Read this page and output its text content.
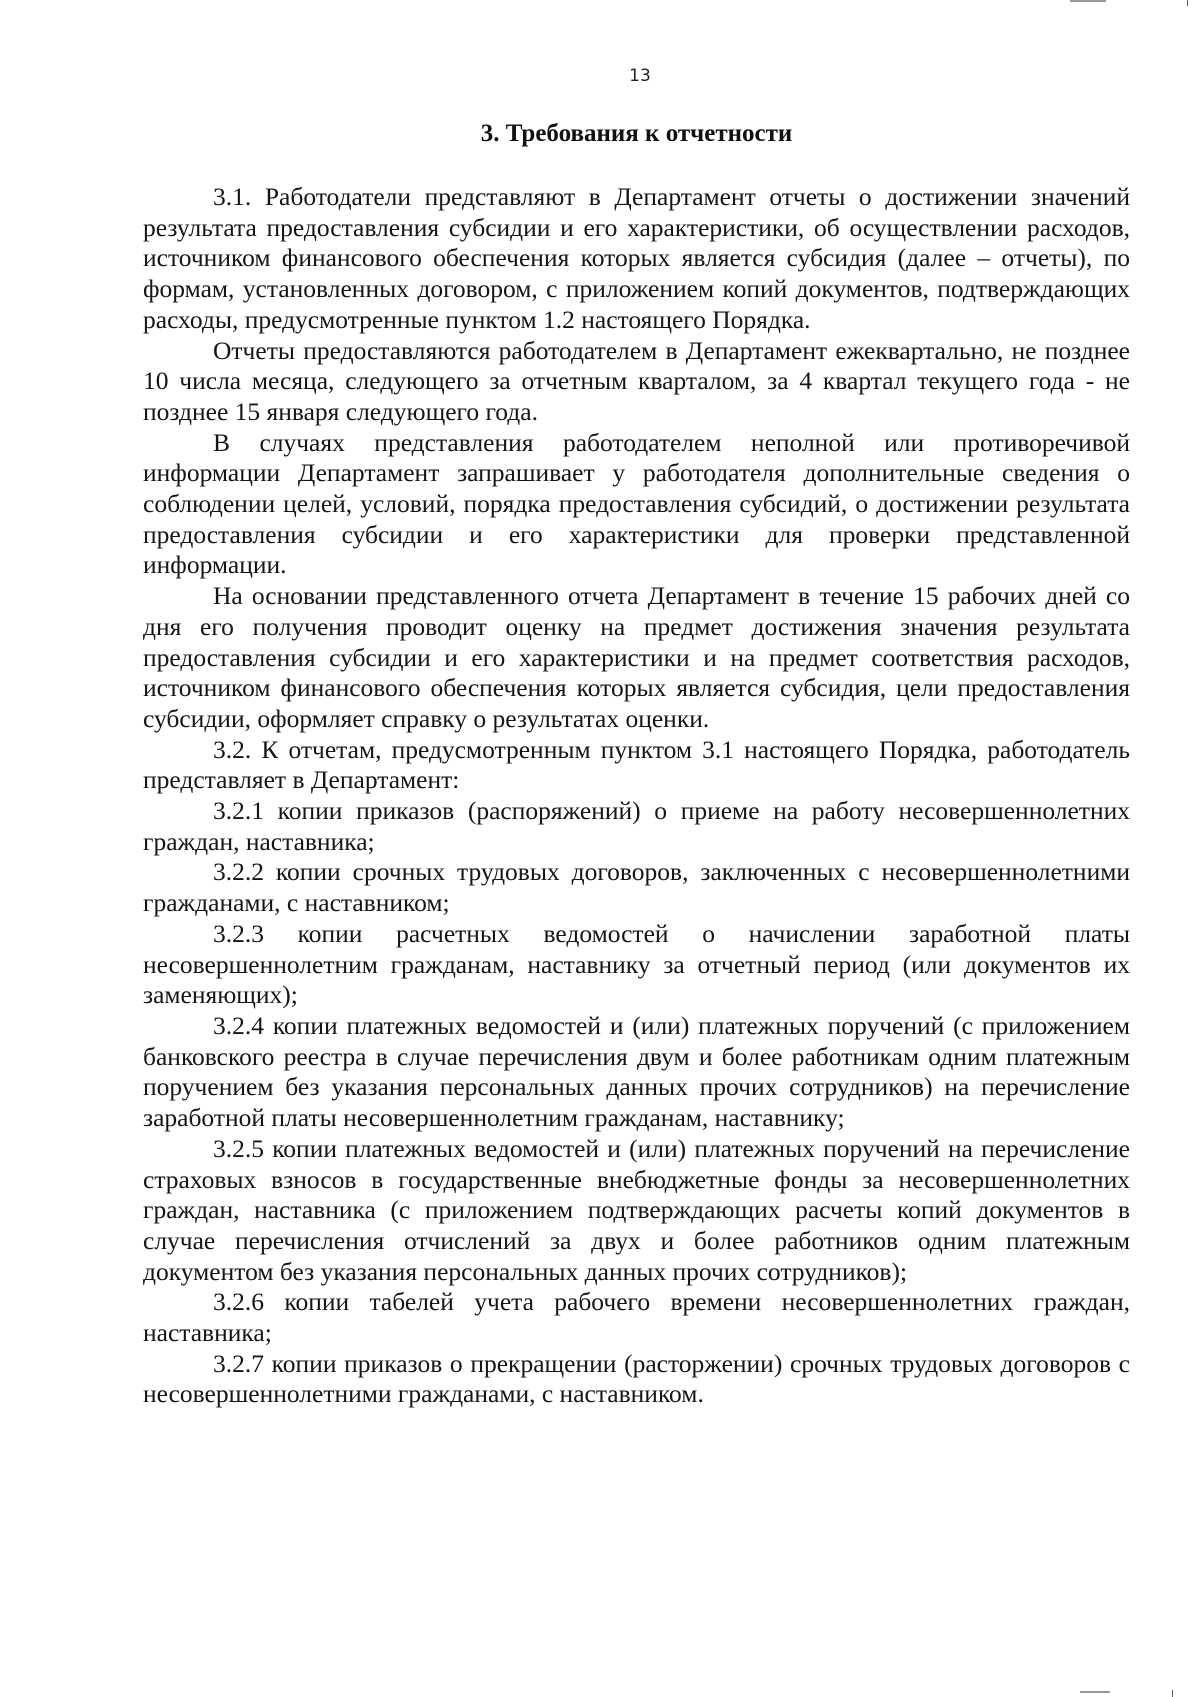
13
3. Требования к отчетности

3.1. Работодатели представляют в Департамент отчеты о достижении значений результата предоставления субсидии и его характеристики, об осуществлении расходов, источником финансового обеспечения которых является субсидия (далее – отчеты), по формам, установленных договором, с приложением копий документов, подтверждающих расходы, предусмотренные пунктом 1.2 настоящего Порядка.

Отчеты предоставляются работодателем в Департамент ежеквартально, не позднее 10 числа месяца, следующего за отчетным кварталом, за 4 квартал текущего года - не позднее 15 января следующего года.

В случаях представления работодателем неполной или противоречивой информации Департамент запрашивает у работодателя дополнительные сведения о соблюдении целей, условий, порядка предоставления субсидий, о достижении результата предоставления субсидии и его характеристики для проверки представленной информации.

На основании представленного отчета Департамент в течение 15 рабочих дней со дня его получения проводит оценку на предмет достижения значения результата предоставления субсидии и его характеристики и на предмет соответствия расходов, источником финансового обеспечения которых является субсидия, цели предоставления субсидии, оформляет справку о результатах оценки.

3.2. К отчетам, предусмотренным пунктом 3.1 настоящего Порядка, работодатель представляет в Департамент:

3.2.1 копии приказов (распоряжений) о приеме на работу несовершеннолетних граждан, наставника;

3.2.2 копии срочных трудовых договоров, заключенных с несовершеннолетними гражданами, с наставником;

3.2.3 копии расчетных ведомостей о начислении заработной платы несовершеннолетним гражданам, наставнику за отчетный период (или документов их заменяющих);

3.2.4 копии платежных ведомостей и (или) платежных поручений (с приложением банковского реестра в случае перечисления двум и более работникам одним платежным поручением без указания персональных данных прочих сотрудников) на перечисление заработной платы несовершеннолетним гражданам, наставнику;

3.2.5 копии платежных ведомостей и (или) платежных поручений на перечисление страховых взносов в государственные внебюджетные фонды за несовершеннолетних граждан, наставника (с приложением подтверждающих расчеты копий документов в случае перечисления отчислений за двух и более работников одним платежным документом без указания персональных данных прочих сотрудников);

3.2.6 копии табелей учета рабочего времени несовершеннолетних граждан, наставника;

3.2.7 копии приказов о прекращении (расторжении) срочных трудовых договоров с несовершеннолетними гражданами, с наставником.
